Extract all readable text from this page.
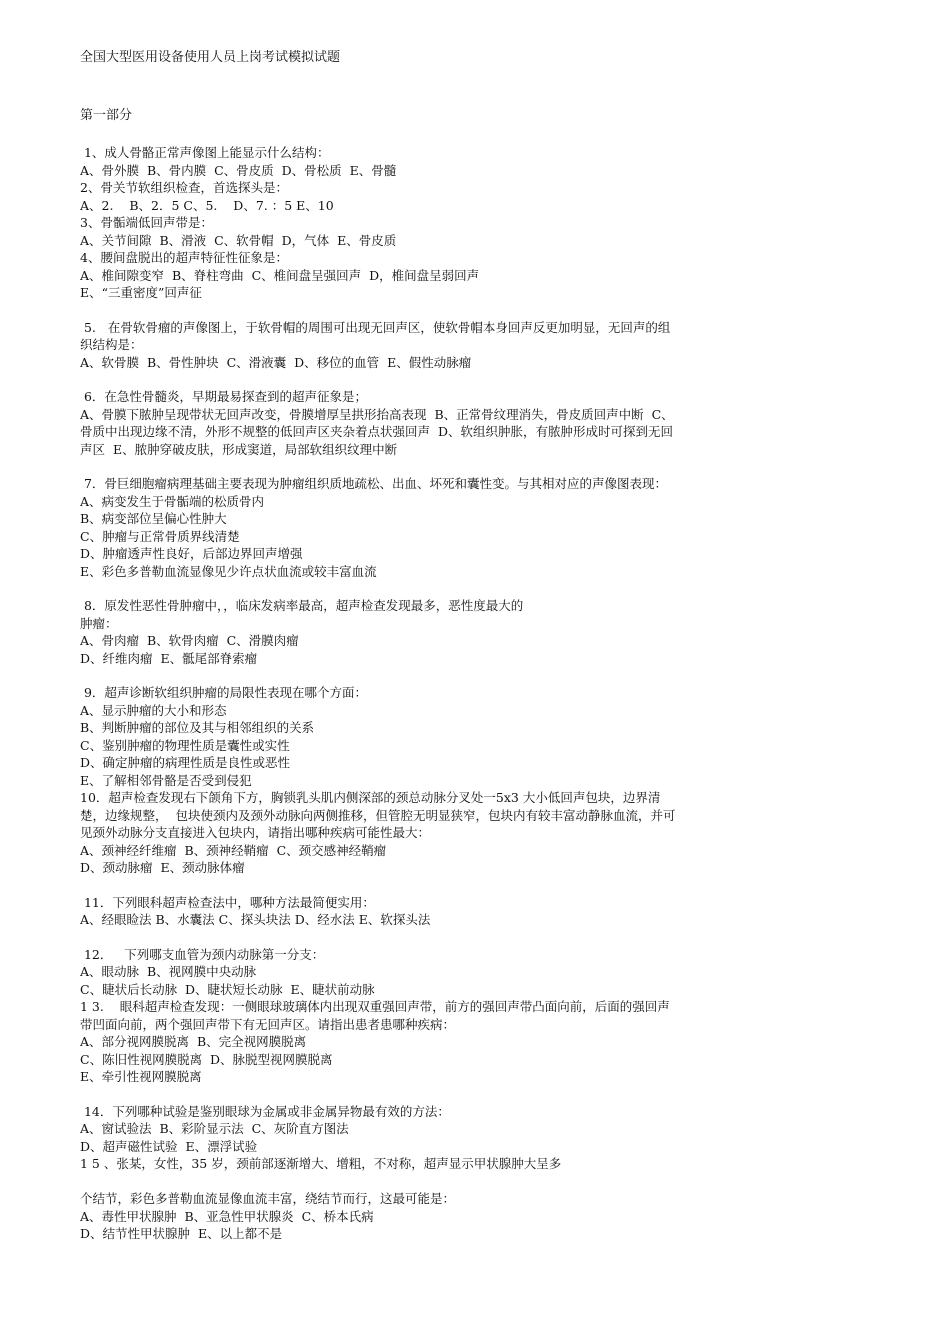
全国大型医用设备使用人员上岗考试模拟试题
第一部分
1、成人骨骼正常声像图上能显示什么结构：
A、骨外膜  B、骨内膜  C、骨皮质  D、骨松质  E、骨髓
2、骨关节软组织检查，首选探头是：
A、2.    B、2．5 C、5.    D、7. ：5 E、10
3、骨骺端低回声带是：
A、关节间隙  B、滑液  C、软骨帽  D，气体  E、骨皮质
4、腰间盘脱出的超声特征性征象是：
A、椎间隙变窄  B、脊柱弯曲  C、椎间盘呈强回声  D，椎间盘呈弱回声
E、“三重密度”回声征
5.   在骨软骨瘤的声像图上，于软骨帽的周围可出现无回声区，使软骨帽本身回声反更加明显，无回声的组织结构是：
A、软骨膜  B、骨性肿块  C、滑液囊  D、移位的血管  E、假性动脉瘤
6．在急性骨髓炎，早期最易探查到的超声征象是；
A、骨膜下脓肿呈现带状无回声改变，骨膜增厚呈拱形抬高表现  B、正常骨纹理消失，骨皮质回声中断  C、骨质中出现边缘不清，外形不规整的低回声区夹杂着点状强回声  D、软组织肿胀，有脓肿形成时可探到无回声区  E、脓肿穿破皮肤，形成窦道，局部软组织纹理中断
7．骨巨细胞瘤病理基础主要表现为肿瘤组织质地疏松、出血、坏死和囊性变。与其相对应的声像图表现：
A、病变发生于骨骺端的松质骨内
B、病变部位呈偏心性肿大
C、肿瘤与正常骨质界线清楚
D、肿瘤透声性良好，后部边界回声增强
E、彩色多普勒血流显像见少许点状血流或较丰富血流
8．原发性恶性骨肿瘤中，，临床发病率最高，超声检查发现最多，恶性度最大的
肿瘤：
A、骨肉瘤  B、软骨肉瘤  C、滑膜肉瘤
D、纤维肉瘤  E、骶尾部脊索瘤
9．超声诊断软组织肿瘤的局限性表现在哪个方面：
A、显示肿瘤的大小和形态
B、判断肿瘤的部位及其与相邻组织的关系
C、鉴别肿瘤的物理性质是囊性或实性
D、确定肿瘤的病理性质是良性或恶性
E、了解相邻骨骼是否受到侵犯
10．超声检查发现右下颌角下方，胸锁乳头肌内侧深部的颈总动脉分叉处一5x3 大小低回声包块，边界清楚，边缘规整，  包块使颈内及颈外动脉向两侧推移，但管腔无明显狭窄，包块内有较丰富动静脉血流，并可见颈外动脉分支直接进入包块内，请指出哪种疾病可能性最大：
A、颈神经纤维瘤  B、颈神经鞘瘤  C、颈交感神经鞘瘤
D、颈动脉瘤  E、颈动脉体瘤
11．下列眼科超声检查法中，哪种方法最简便实用：
A、经眼睑法 B、水囊法 C、探头块法 D、经水法 E、软探头法
12．   下列哪支血管为颈内动脉第一分支：
A、眼动脉  B、视网膜中央动脉
C、睫状后长动脉  D、睫状短长动脉  E、睫状前动脉
1 3.    眼科超声检查发现：一侧眼球玻璃体内出现双重强回声带，前方的强回声带凸面向前，后面的强回声带凹面向前，两个强回声带下有无回声区。请指出患者患哪种疾病：
A、部分视网膜脱离  B、完全视网膜脱离
C、陈旧性视网膜脱离  D、脉脱型视网膜脱离
E、牵引性视网膜脱离
14．下列哪种试验是鉴别眼球为金属或非金属异物最有效的方法：
A、窗试验法  B、彩阶显示法  C、灰阶直方图法
D、超声磁性试验  E、漂浮试验
1 5 、张某，女性，35 岁，颈前部逐渐增大、增粗，不对称，超声显示甲状腺肿大呈多

个结节，彩色多普勒血流显像血流丰富，绕结节而行，这最可能是：
A、毒性甲状腺肿  B、亚急性甲状腺炎  C、桥本氏病
D、结节性甲状腺肿  E、以上都不是
